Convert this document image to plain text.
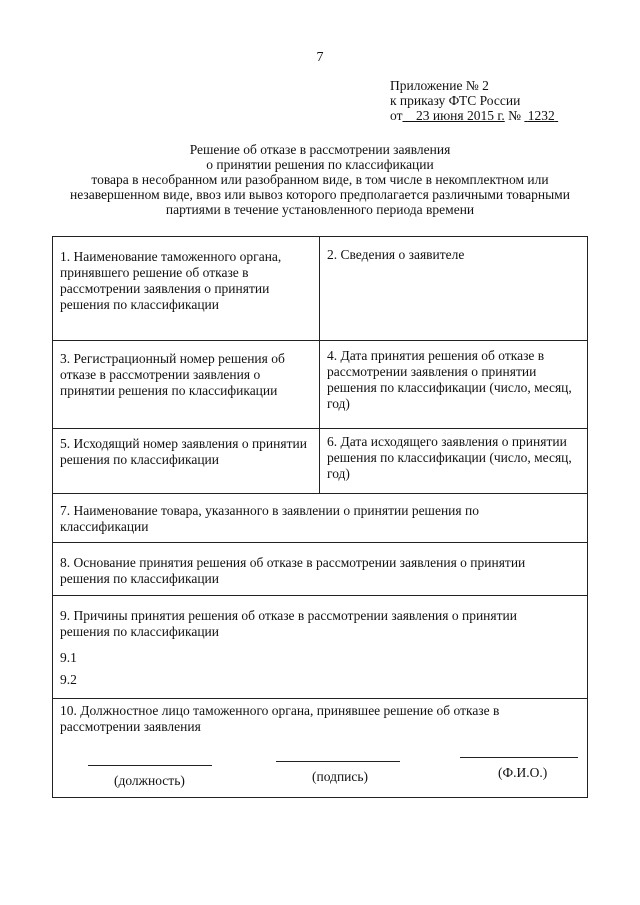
7
Приложение № 2
к приказу ФТС России
от 23 июня 2015 г. № 1232
Решение об отказе в рассмотрении заявления
о принятии решения по классификации
товара в несобранном или разобранном виде, в том числе в некомплектном или
незавершенном виде, ввоз или вывоз которого предполагается различными товарными
партиями в течение установленного периода времени
1. Наименование таможенного органа, принявшего решение об отказе в рассмотрении заявления о принятии решения по классификации
2. Сведения о заявителе
3. Регистрационный номер решения об отказе в рассмотрении заявления о принятии решения по классификации
4. Дата принятия решения об отказе в рассмотрении заявления о принятии решения по классификации (число, месяц, год)
5. Исходящий номер заявления о принятии решения по классификации
6. Дата исходящего заявления о принятии решения по классификации (число, месяц, год)
7. Наименование товара, указанного в заявлении о принятии решения по классификации
8. Основание принятия решения об отказе в рассмотрении заявления о принятии решения по классификации
9. Причины принятия решения об отказе в рассмотрении заявления о принятии решения по классификации
9.1
9.2
10. Должностное лицо таможенного органа, принявшее решение об отказе в рассмотрении заявления
(должность)	(подпись)	(Ф.И.О.)
